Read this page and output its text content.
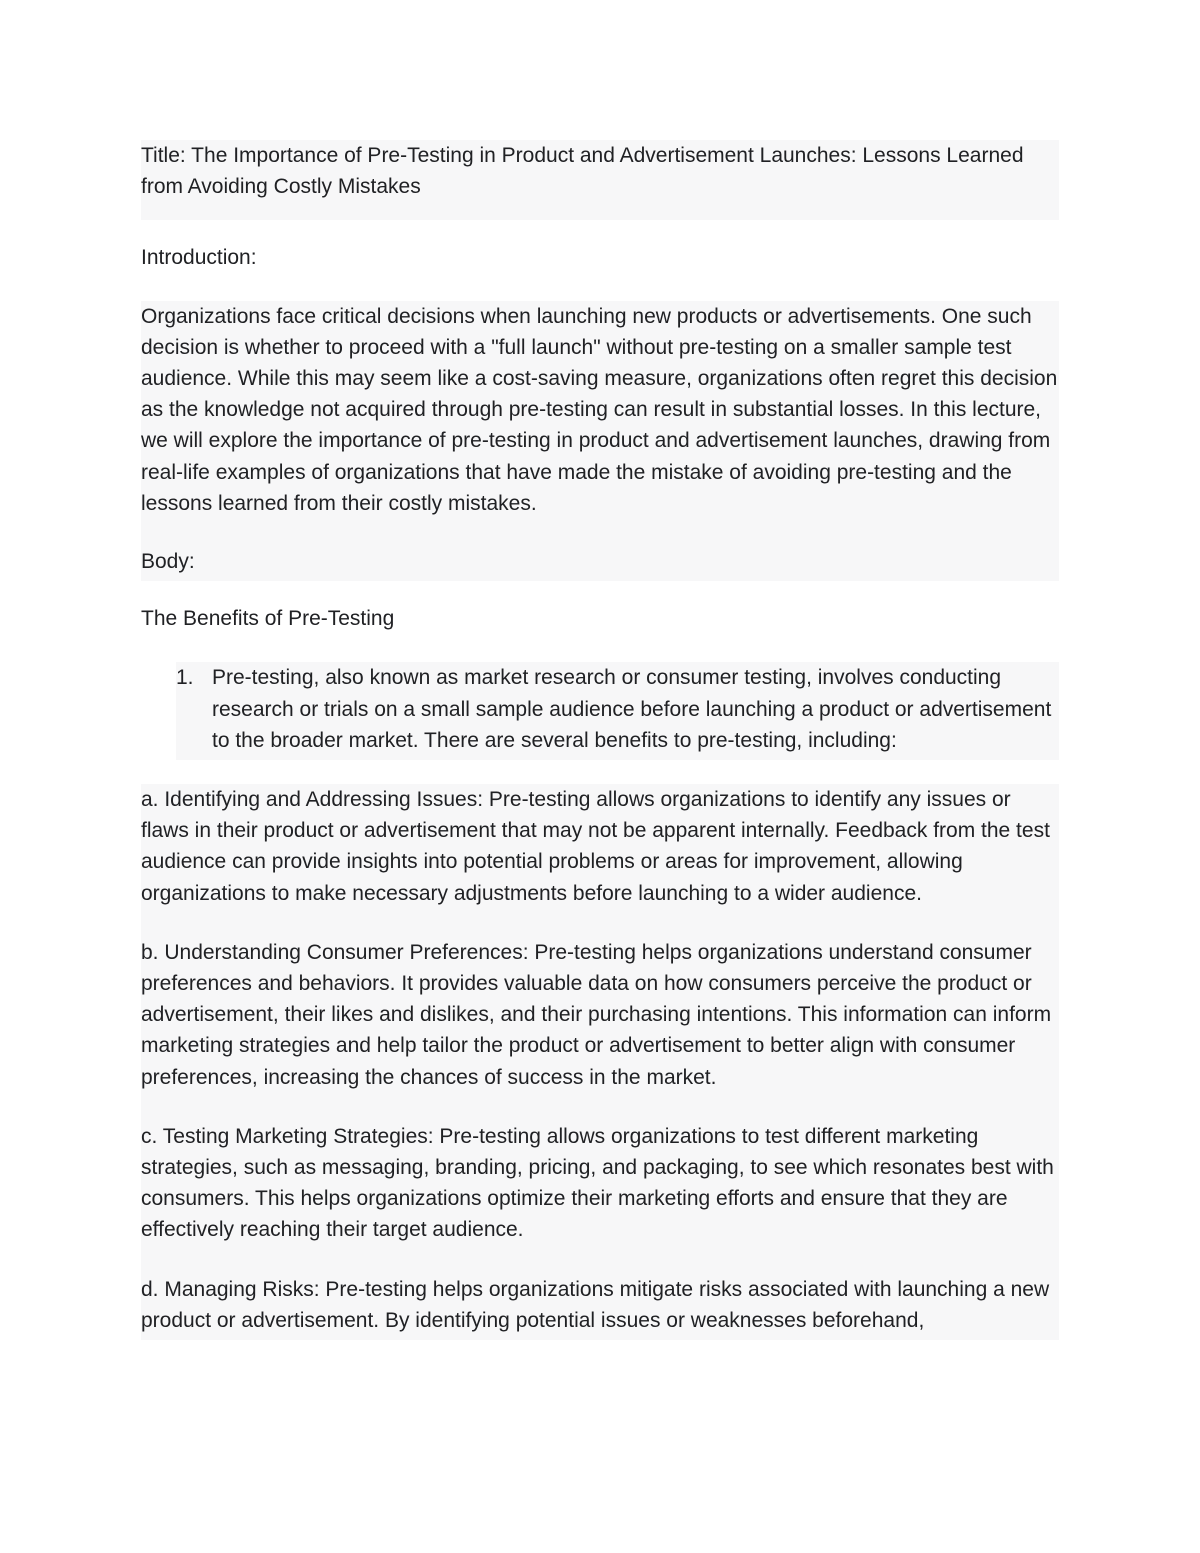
Title: The Importance of Pre-Testing in Product and Advertisement Launches: Lessons Learned from Avoiding Costly Mistakes

Introduction:

Organizations face critical decisions when launching new products or advertisements. One such decision is whether to proceed with a "full launch" without pre-testing on a smaller sample test audience. While this may seem like a cost-saving measure, organizations often regret this decision as the knowledge not acquired through pre-testing can result in substantial losses. In this lecture, we will explore the importance of pre-testing in product and advertisement launches, drawing from real-life examples of organizations that have made the mistake of avoiding pre-testing and the lessons learned from their costly mistakes.

Body:

The Benefits of Pre-Testing

1. Pre-testing, also known as market research or consumer testing, involves conducting research or trials on a small sample audience before launching a product or advertisement to the broader market. There are several benefits to pre-testing, including:

a. Identifying and Addressing Issues: Pre-testing allows organizations to identify any issues or flaws in their product or advertisement that may not be apparent internally. Feedback from the test audience can provide insights into potential problems or areas for improvement, allowing organizations to make necessary adjustments before launching to a wider audience.

b. Understanding Consumer Preferences: Pre-testing helps organizations understand consumer preferences and behaviors. It provides valuable data on how consumers perceive the product or advertisement, their likes and dislikes, and their purchasing intentions. This information can inform marketing strategies and help tailor the product or advertisement to better align with consumer preferences, increasing the chances of success in the market.

c. Testing Marketing Strategies: Pre-testing allows organizations to test different marketing strategies, such as messaging, branding, pricing, and packaging, to see which resonates best with consumers. This helps organizations optimize their marketing efforts and ensure that they are effectively reaching their target audience.

d. Managing Risks: Pre-testing helps organizations mitigate risks associated with launching a new product or advertisement. By identifying potential issues or weaknesses beforehand,
